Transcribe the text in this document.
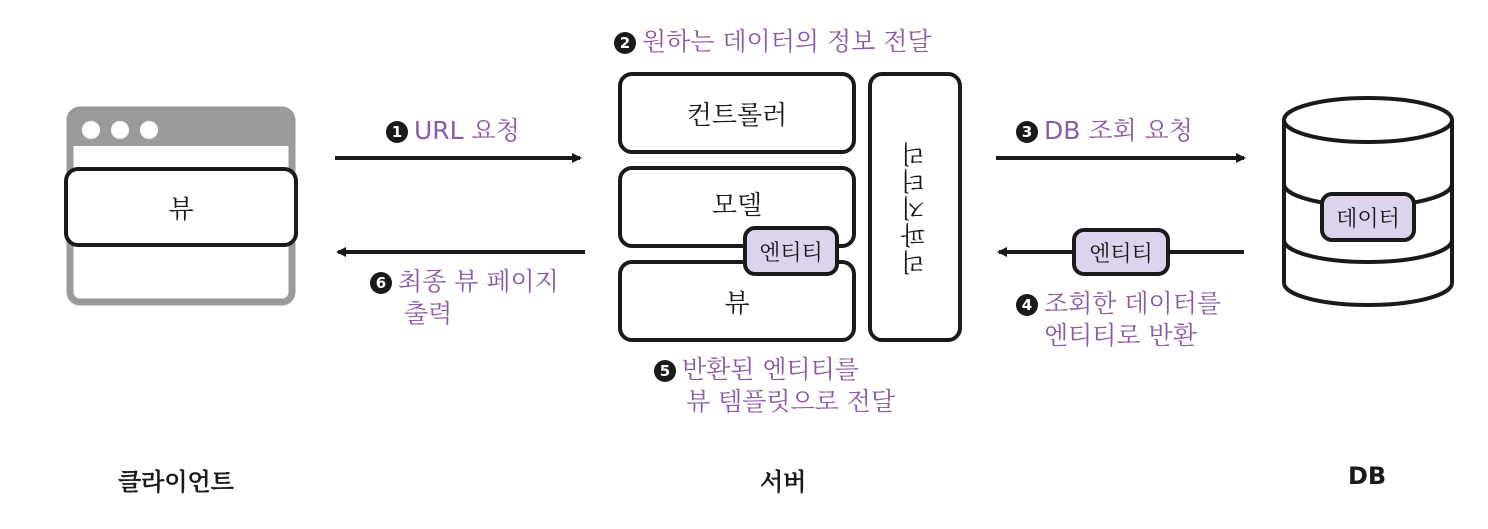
뷰
컨트롤러
모델
뷰
엔티티	리파지터리	엔티티
데이터
2 원하는 데이터의 정보 전달
1 URL 요청	3 DB 조회 요청
6 최종 뷰 페이지
출력	4 조회한 데이터를
엔티티로 반환
5 반환된 엔티티를
뷰 템플릿으로 전달
클라이언트	서버	DB
